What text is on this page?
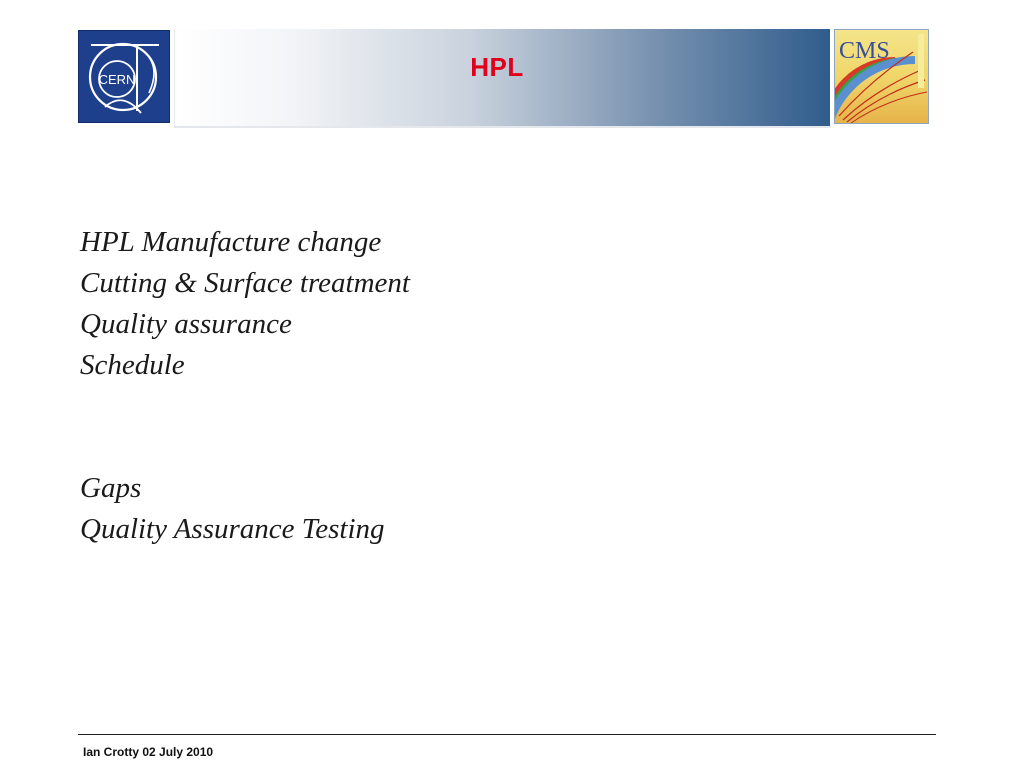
CERN	HPL
CMS
HPL Manufacture change
Cutting & Surface treatment
Quality assurance
Schedule
Gaps
Quality Assurance Testing
Ian Crotty 02 July 2010
